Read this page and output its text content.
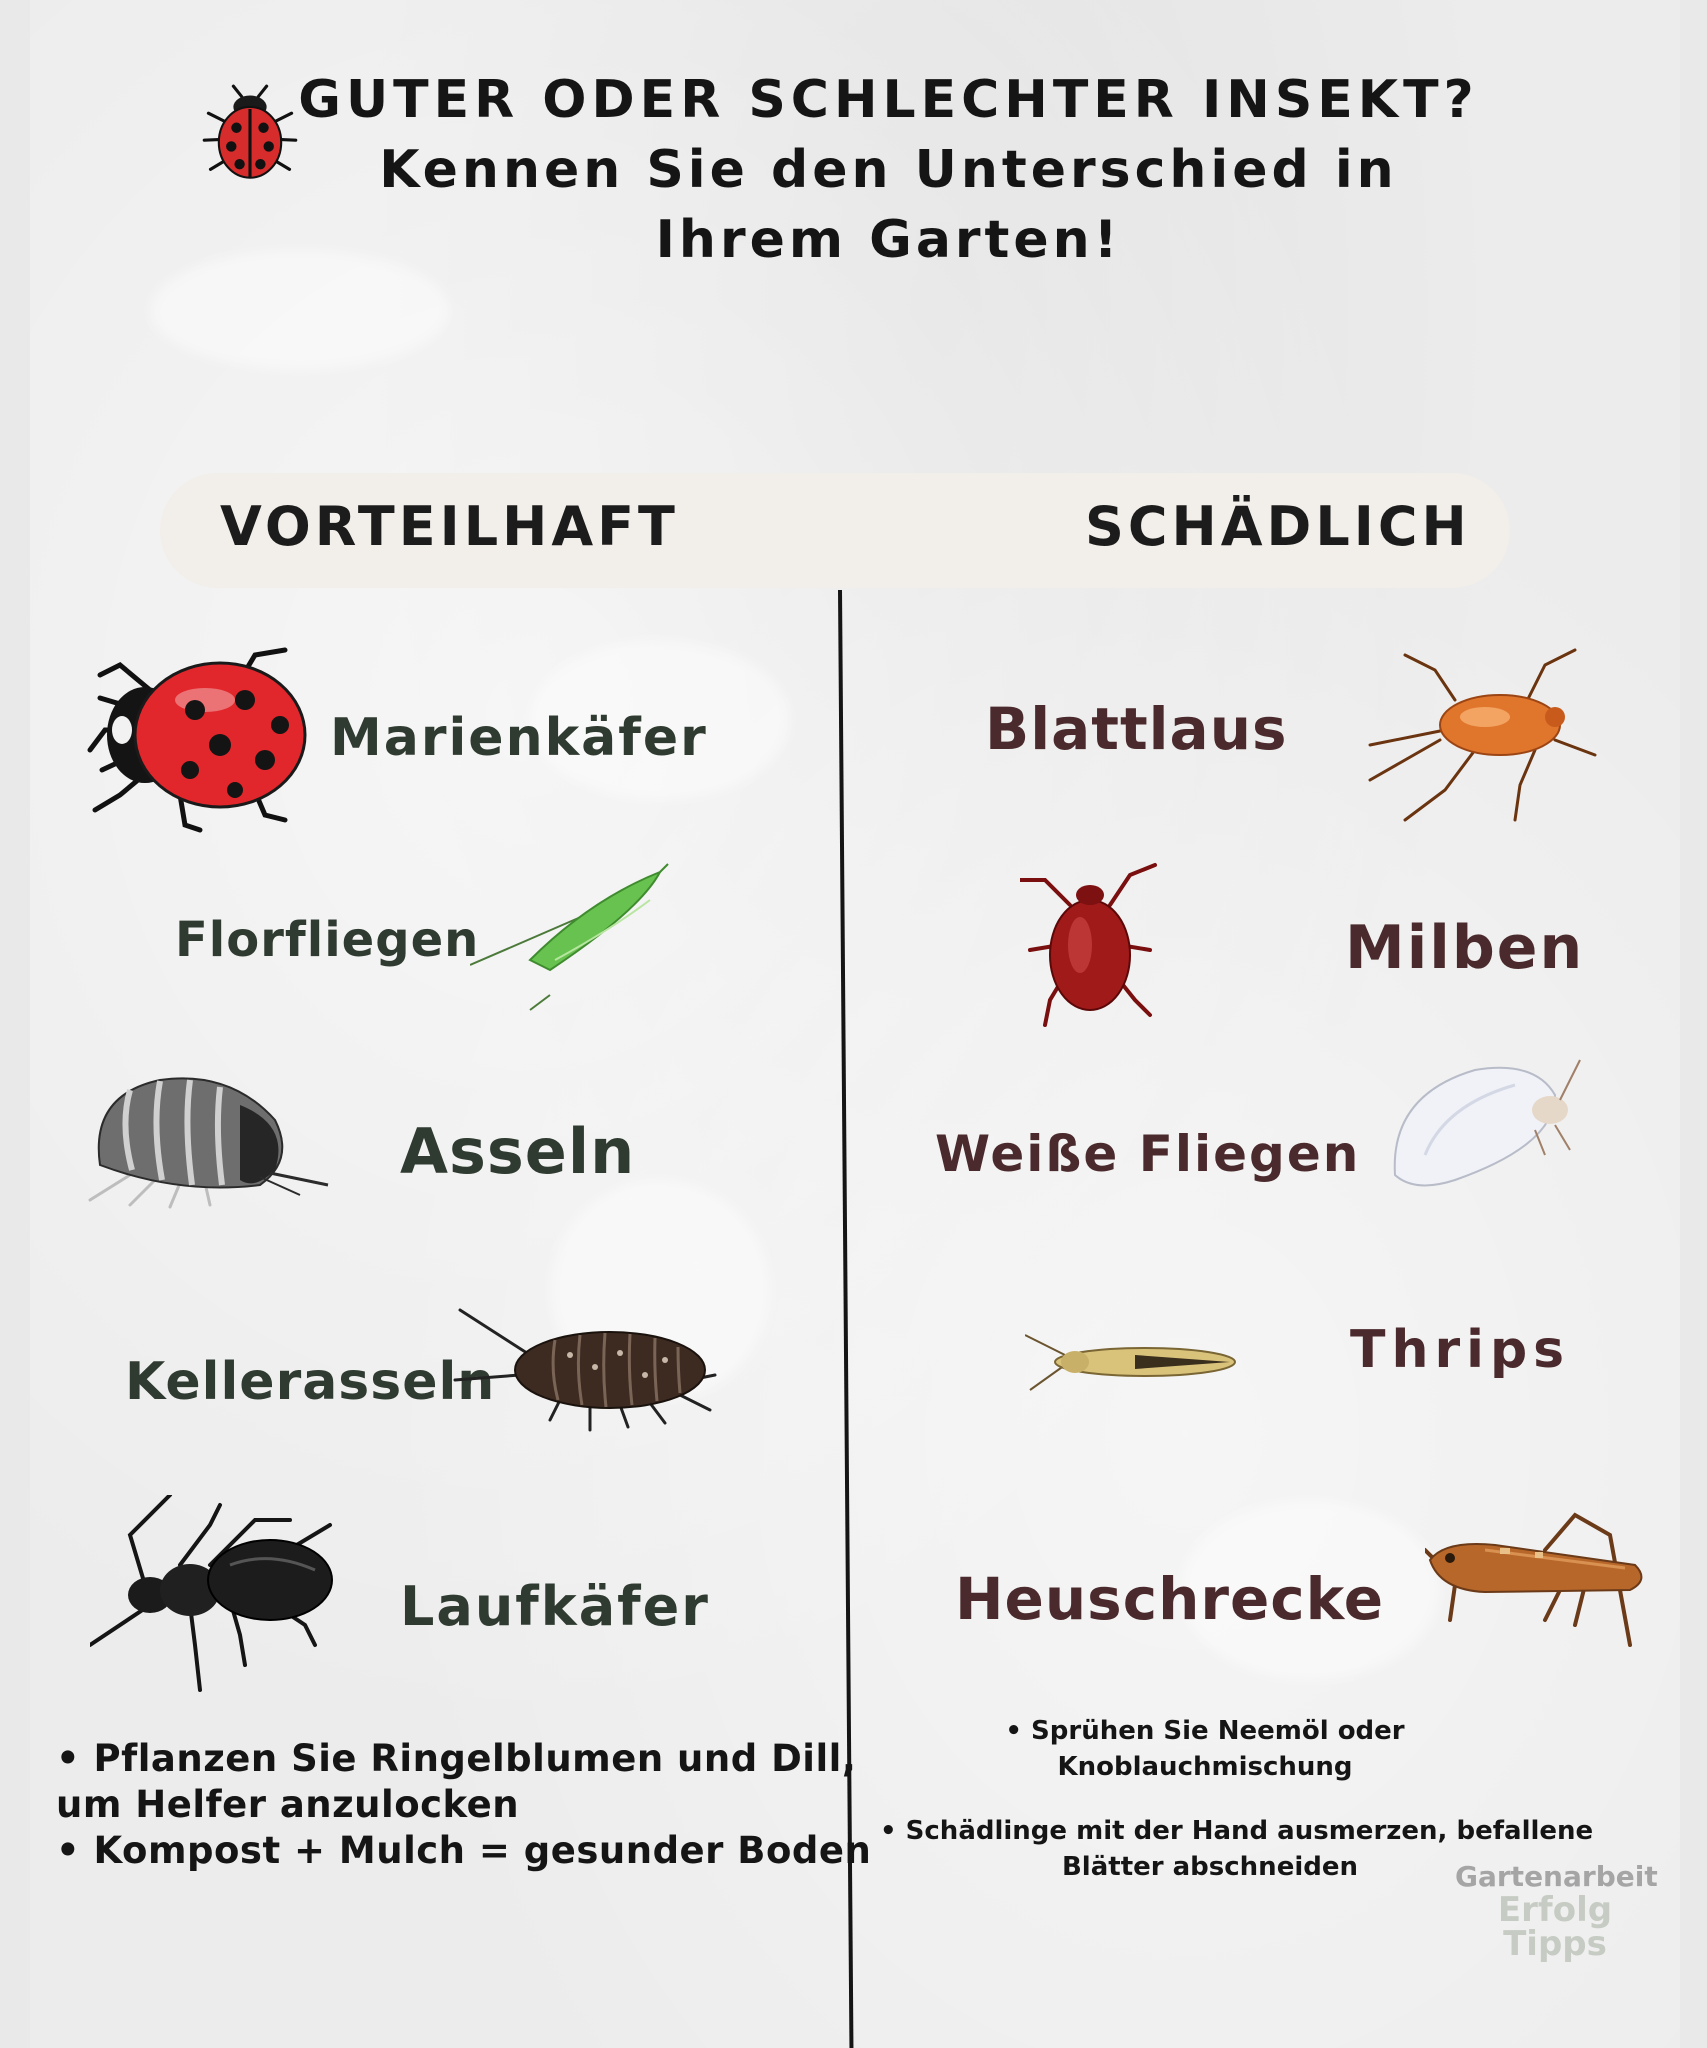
GUTER ODER SCHLECHTER INSEKT?
Kennen Sie den Unterschied in
Ihrem Garten!
VORTEILHAFT	SCHÄDLICH
Marienkäfer
Florfliegen
Asseln
Kellerasseln
Laufkäfer
• Pflanzen Sie Ringelblumen und Dill,
um Helfer anzulocken
• Kompost + Mulch = gesunder Boden
Blattlaus
Milben
Weiße Fliegen
Thrips
Heuschrecke
• Sprühen Sie Neemöl oder
Knoblauchmischung
• Schädlinge mit der Hand ausmerzen, befallene
Blätter abschneiden	Gartenarbeit
Erfolg
Tipps
